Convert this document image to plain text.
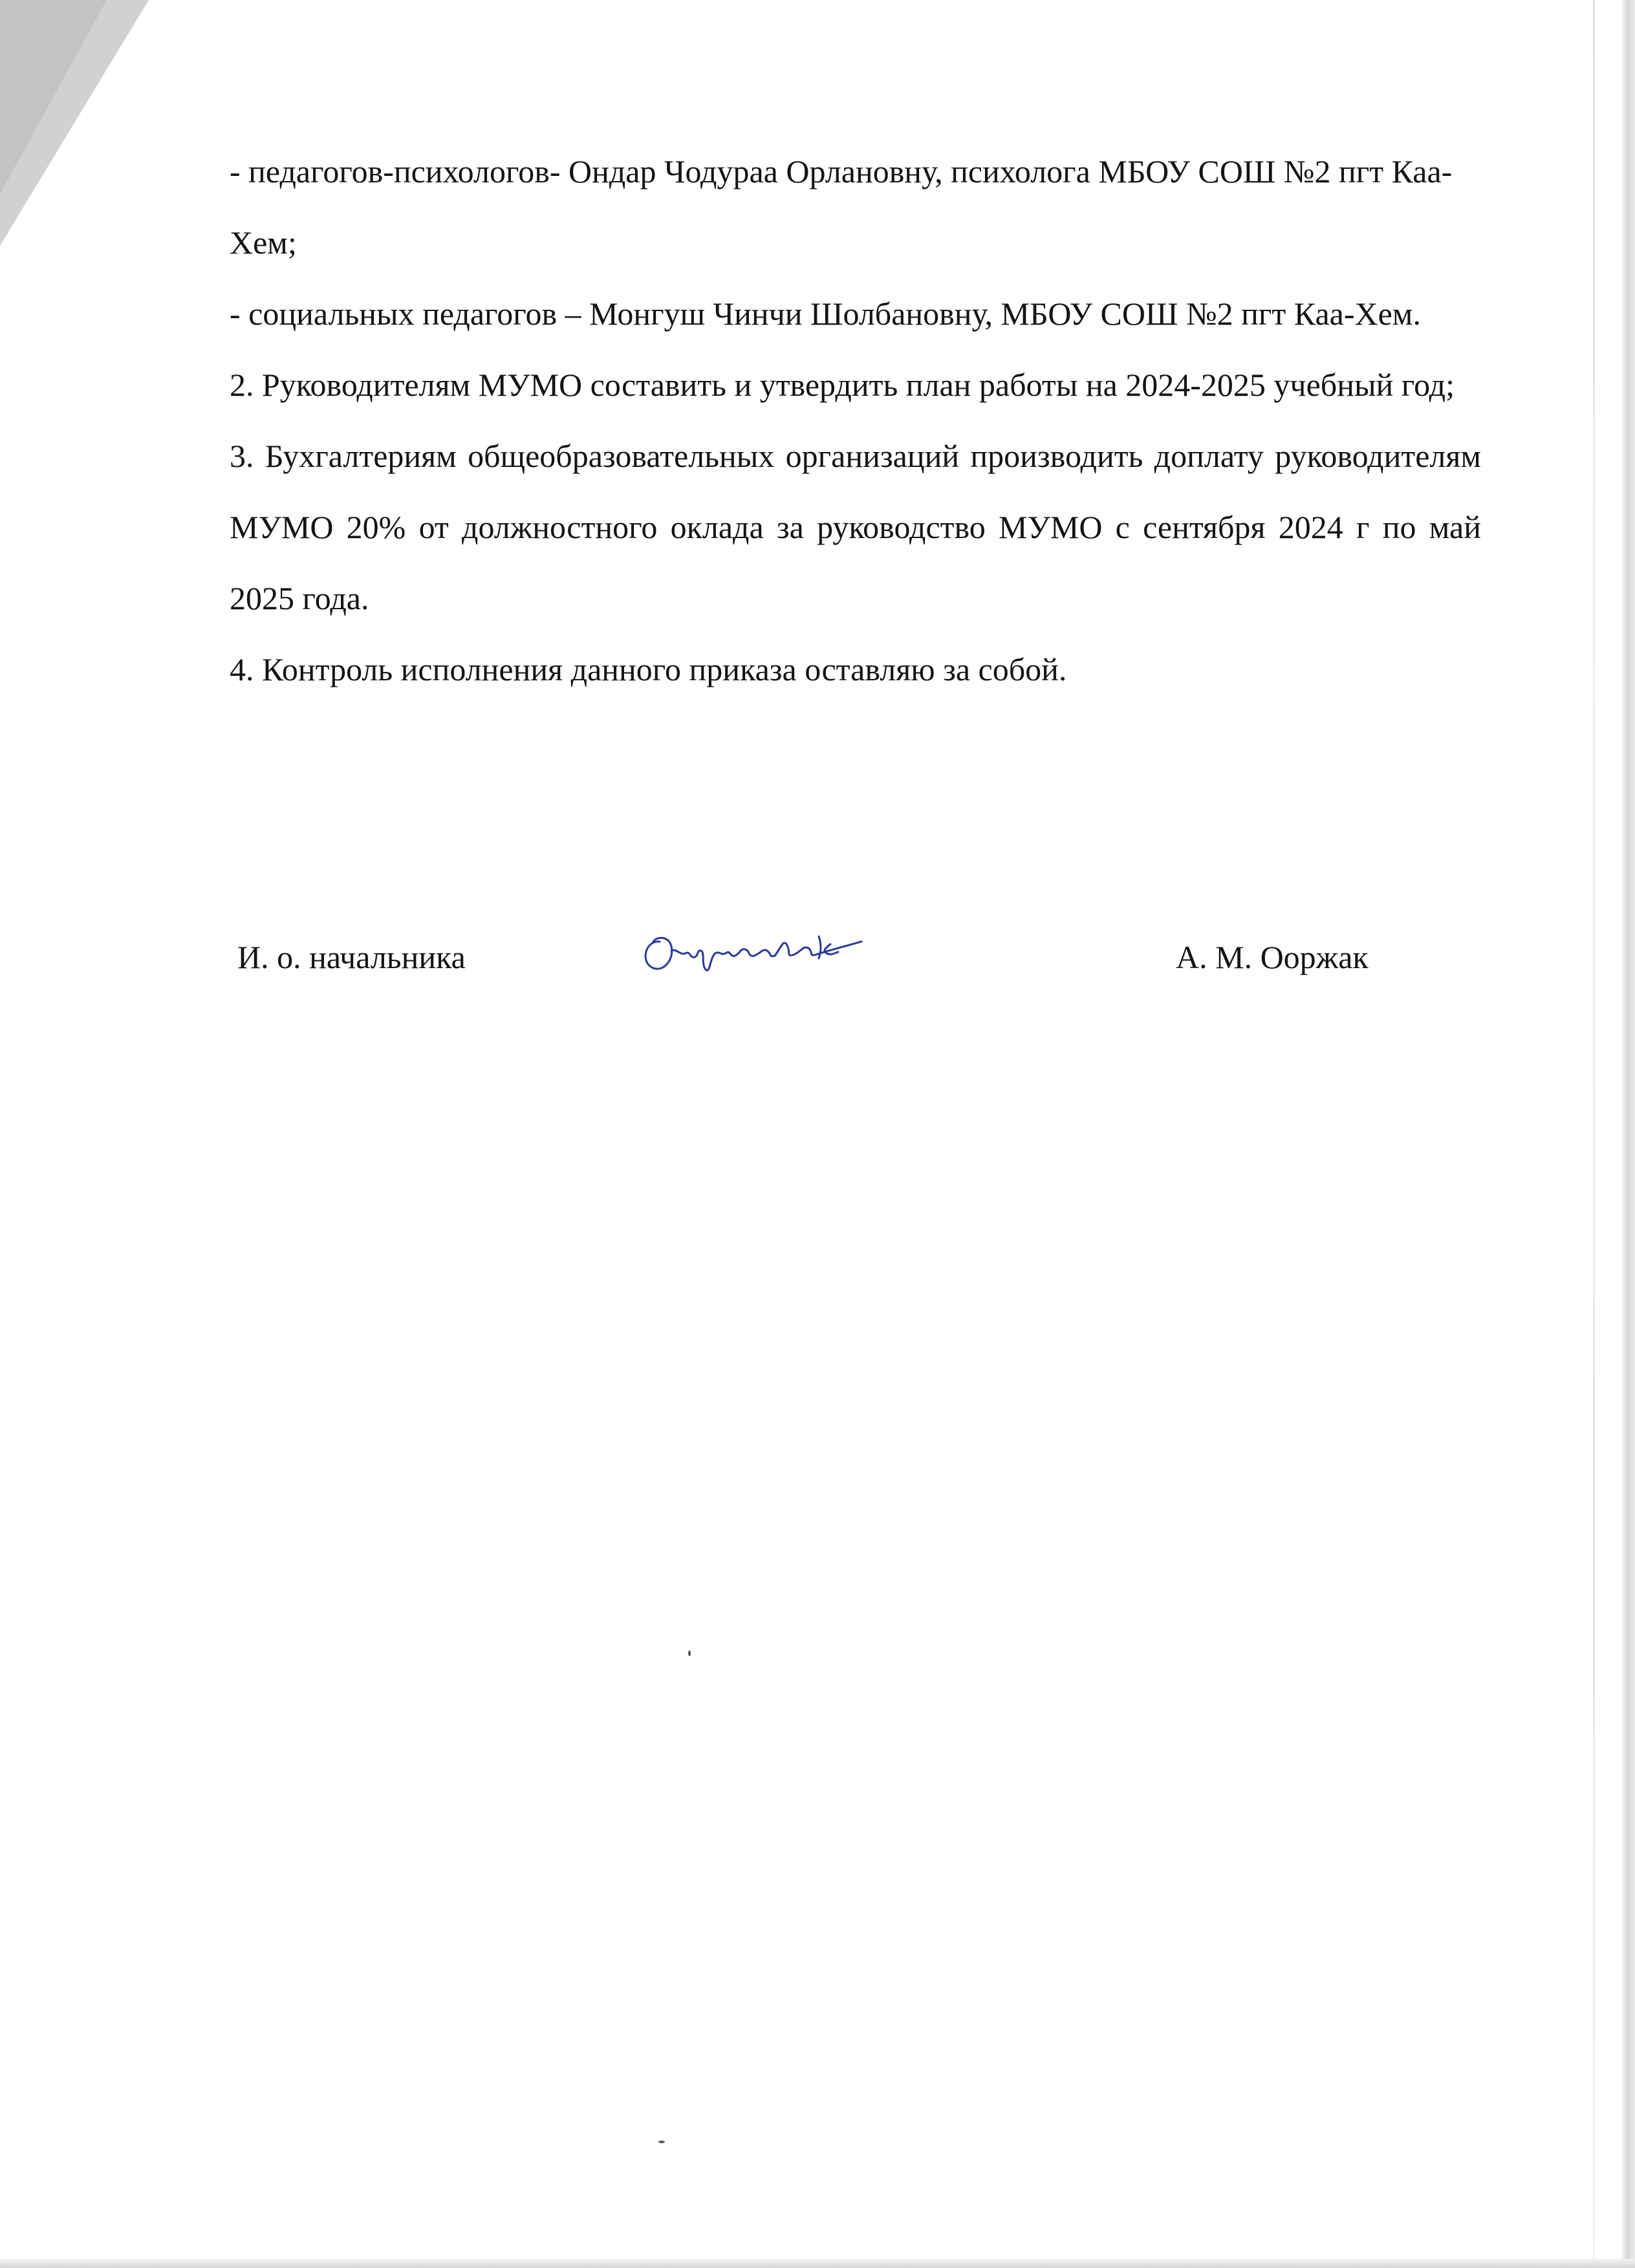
- педагогов-психологов- Ондар Чодураа Орлановну, психолога МБОУ СОШ №2 пгт Каа-Хем;

- социальных педагогов – Монгуш Чинчи Шолбановну, МБОУ СОШ №2 пгт Каа-Хем.

2. Руководителям МУМО составить и утвердить план работы на 2024-2025 учебный год;

3. Бухгалтериям общеобразовательных организаций производить доплату руководителям МУМО 20% от должностного оклада за руководство МУМО с сентября 2024 г по май 2025 года.

4. Контроль исполнения данного приказа оставляю за собой.

И. о. начальника	А. М. Ооржак
